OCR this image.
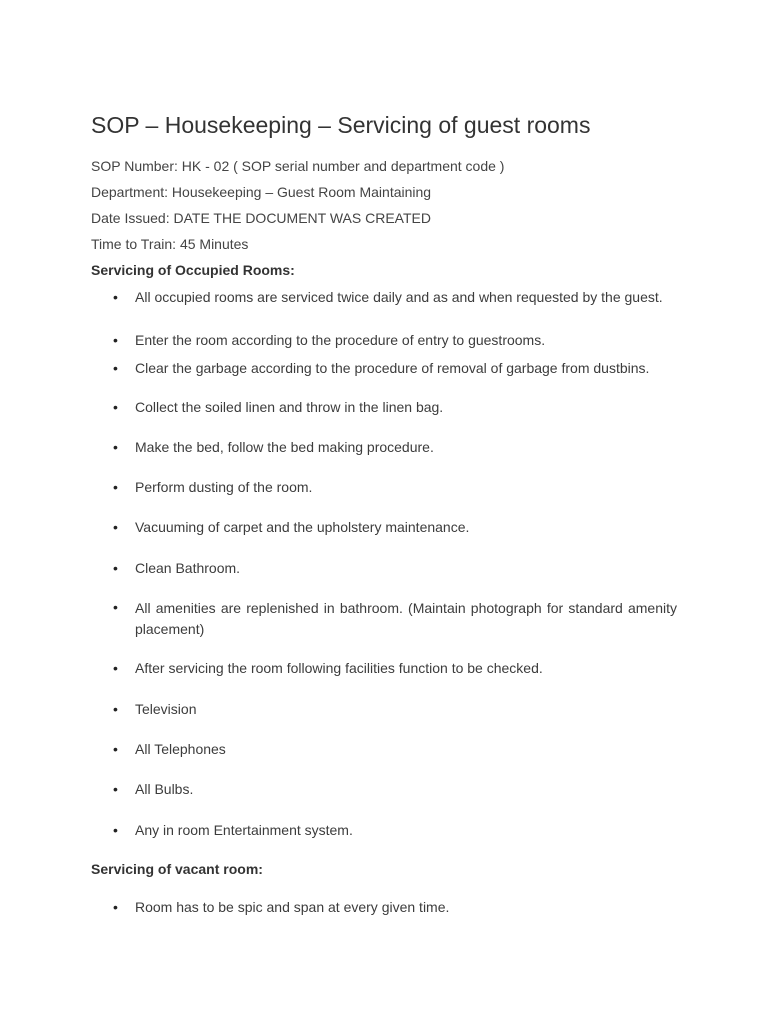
SOP – Housekeeping – Servicing of guest rooms

SOP Number: HK - 02 ( SOP serial number and department code )

Department: Housekeeping – Guest Room Maintaining

Date Issued: DATE THE DOCUMENT WAS CREATED

Time to Train: 45 Minutes

Servicing of Occupied Rooms:
•	All occupied rooms are serviced twice daily and as and when requested by the guest.
•	Enter the room according to the procedure of entry to guestrooms.
•	Clear the garbage according to the procedure of removal of garbage from dustbins.
•	Collect the soiled linen and throw in the linen bag.
•	Make the bed, follow the bed making procedure.
•	Perform dusting of the room.
•	Vacuuming of carpet and the upholstery maintenance.
•	Clean Bathroom.
•	All amenities are replenished in bathroom. (Maintain photograph for standard amenity placement)
•	After servicing the room following facilities function to be checked.
•	Television
•	All Telephones
•	All Bulbs.
•	Any in room Entertainment system.
Servicing of vacant room:
•	Room has to be spic and span at every given time.
